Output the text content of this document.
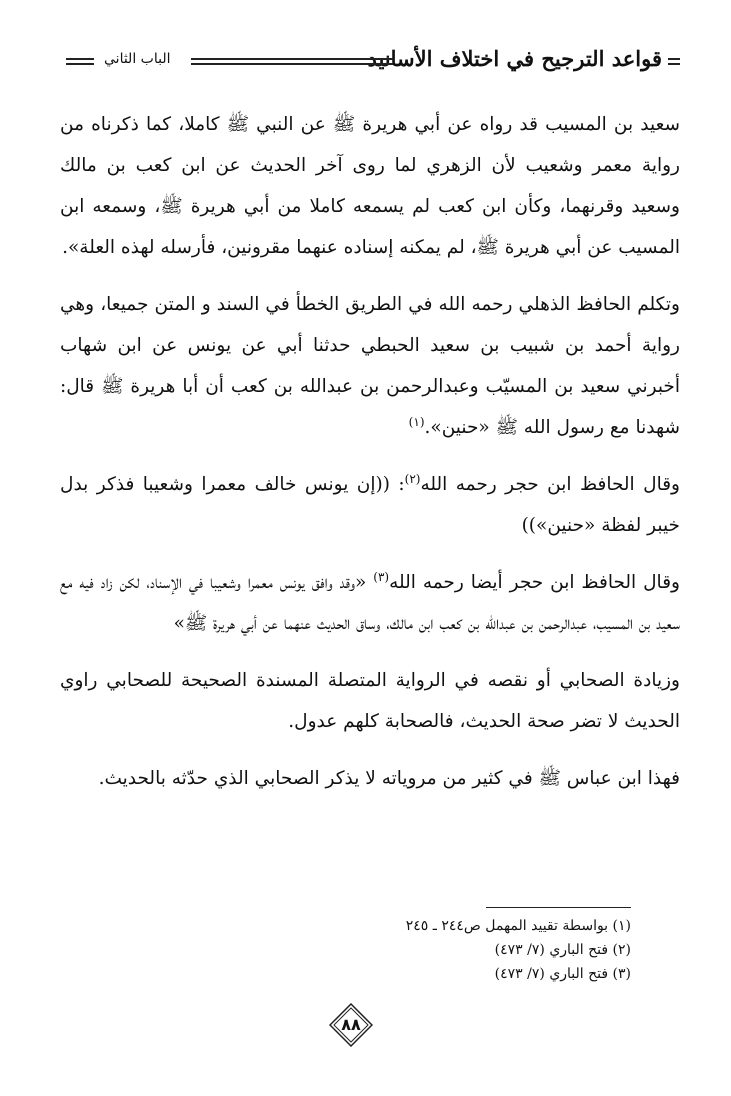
قواعد الترجيح في اختلاف الأسانيد
الباب الثاني

سعيد بن المسيب قد رواه عن أبي هريرة ﷺ عن النبي ﷺ كاملا، كما ذكرناه من رواية معمر وشعيب لأن الزهري لما روى آخر الحديث عن ابن كعب بن مالك وسعيد وقرنهما، وكأن ابن كعب لم يسمعه كاملا من أبي هريرة ﷺ، وسمعه ابن المسيب عن أبي هريرة ﷺ، لم يمكنه إسناده عنهما مقرونين، فأرسله لهذه العلة».

وتكلم الحافظ الذهلي رحمه الله في الطريق الخطأ في السند و المتن جميعا، وهي رواية أحمد بن شبيب بن سعيد الحبطي حدثنا أبي عن يونس عن ابن شهاب أخبرني سعيد بن المسيّب وعبدالرحمن بن عبدالله بن كعب أن أبا هريرة ﷺ قال: شهدنا مع رسول الله ﷺ «حنين».$^{(١)}$

وقال الحافظ ابن حجر رحمه الله$^{(٢)}$: ((إن يونس خالف معمرا وشعيبا فذكر بدل خيبر لفظة «حنين»))

وقال الحافظ ابن حجر أيضا رحمه الله$^{(٣)}$ «وقد وافق يونس معمرا وشعيبا في الإسناد، لكن زاد فيه مع سعيد بن المسيب، عبدالرحمن بن عبدالله بن كعب ابن مالك، وساق الحديث عنهما عن أبي هريرة ﷺ»

وزيادة الصحابي أو نقصه في الرواية المتصلة المسندة الصحيحة للصحابي راوي الحديث لا تضر صحة الحديث، فالصحابة كلهم عدول.

فهذا ابن عباس ﷺ في كثير من مروياته لا يذكر الصحابي الذي حدّثه بالحديث.

(١) بواسطة تقييد المهمل ص٢٤٤ ـ ٢٤٥

(٢) فتح الباري (٧/ ٤٧٣)

(٣) فتح الباري (٧/ ٤٧٣)

٨٨
